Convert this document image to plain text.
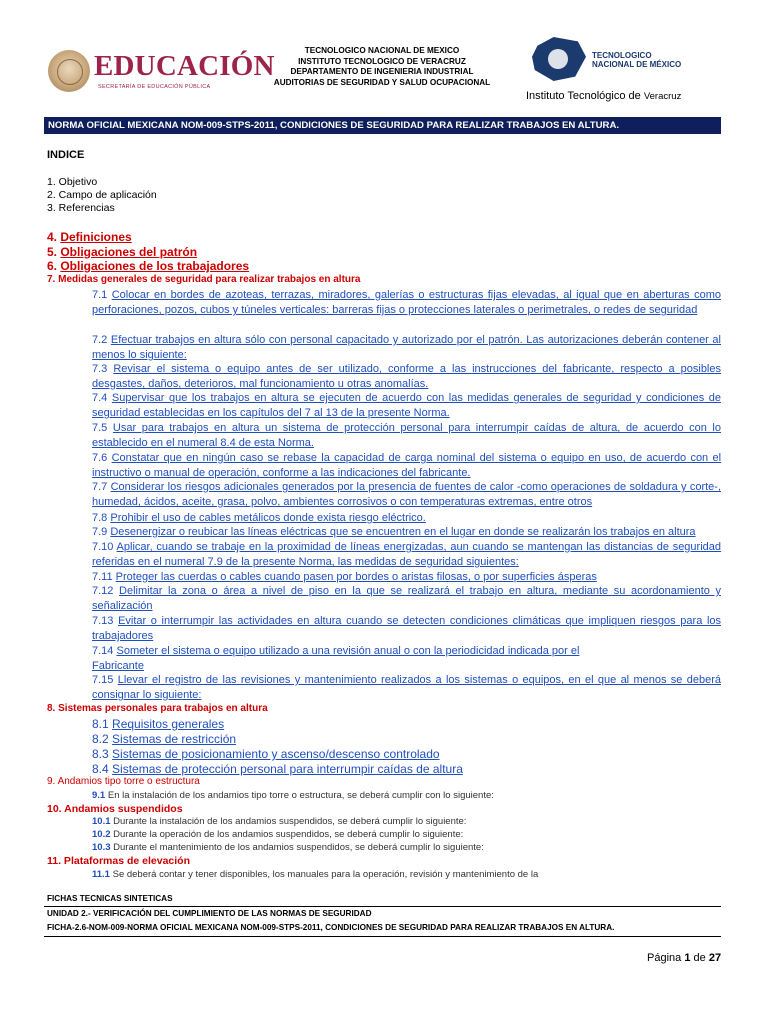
EDUCACIÓN
SECRETARÍA DE EDUCACIÓN PÚBLICA
TECNOLOGICO NACIONAL DE MEXICO
INSTITUTO TECNOLOGICO DE VERACRUZ
DEPARTAMENTO DE INGENIERIA INDUSTRIAL
AUDITORIAS DE SEGURIDAD Y SALUD OCUPACIONAL
TECNOLOGICO
NACIONAL DE MÉXICO
Instituto Tecnológico de Veracruz
NORMA OFICIAL MEXICANA NOM-009-STPS-2011, CONDICIONES DE SEGURIDAD PARA REALIZAR TRABAJOS EN ALTURA.
INDICE
1. Objetivo
2. Campo de aplicación
3. Referencias
4. Definiciones
5. Obligaciones del patrón
6. Obligaciones de los trabajadores
7. Medidas generales de seguridad para realizar trabajos en altura
7.1 Colocar en bordes de azoteas, terrazas, miradores, galerías o estructuras fijas elevadas, al igual que en aberturas como perforaciones, pozos, cubos y túneles verticales: barreras fijas o protecciones laterales o perimetrales, o redes de seguridad
7.2 Efectuar trabajos en altura sólo con personal capacitado y autorizado por el patrón. Las autorizaciones deberán contener al menos lo siguiente:
7.3 Revisar el sistema o equipo antes de ser utilizado, conforme a las instrucciones del fabricante, respecto a posibles desgastes, daños, deterioros, mal funcionamiento u otras anomalías.
7.4 Supervisar que los trabajos en altura se ejecuten de acuerdo con las medidas generales de seguridad y condiciones de seguridad establecidas en los capítulos del 7 al 13 de la presente Norma.
7.5 Usar para trabajos en altura un sistema de protección personal para interrumpir caídas de altura, de acuerdo con lo establecido en el numeral 8.4 de esta Norma.
7.6 Constatar que en ningún caso se rebase la capacidad de carga nominal del sistema o equipo en uso, de acuerdo con el instructivo o manual de operación, conforme a las indicaciones del fabricante.
7.7 Considerar los riesgos adicionales generados por la presencia de fuentes de calor -como operaciones de soldadura y corte-, humedad, ácidos, aceite, grasa, polvo, ambientes corrosivos o con temperaturas extremas, entre otros
7.8 Prohibir el uso de cables metálicos donde exista riesgo eléctrico.
7.9 Desenergizar o reubicar las líneas eléctricas que se encuentren en el lugar en donde se realizarán los trabajos en altura
7.10 Aplicar, cuando se trabaje en la proximidad de líneas energizadas, aun cuando se mantengan las distancias de seguridad referidas en el numeral 7.9 de la presente Norma, las medidas de seguridad siguientes:
7.11 Proteger las cuerdas o cables cuando pasen por bordes o aristas filosas, o por superficies ásperas
7.12 Delimitar la zona o área a nivel de piso en la que se realizará el trabajo en altura, mediante su acordonamiento y señalización
7.13 Evitar o interrumpir las actividades en altura cuando se detecten condiciones climáticas que impliquen riesgos para los trabajadores
7.14 Someter el sistema o equipo utilizado a una revisión anual o con la periodicidad indicada por el Fabricante
7.15 Llevar el registro de las revisiones y mantenimiento realizados a los sistemas o equipos, en el que al menos se deberá consignar lo siguiente:
8. Sistemas personales para trabajos en altura
8.1 Requisitos generales
8.2 Sistemas de restricción
8.3 Sistemas de posicionamiento y ascenso/descenso controlado
8.4 Sistemas de protección personal para interrumpir caídas de altura
9. Andamios tipo torre o estructura
9.1 En la instalación de los andamios tipo torre o estructura, se deberá cumplir con lo siguiente:
10. Andamios suspendidos
10.1 Durante la instalación de los andamios suspendidos, se deberá cumplir lo siguiente:
10.2 Durante la operación de los andamios suspendidos, se deberá cumplir lo siguiente:
10.3 Durante el mantenimiento de los andamios suspendidos, se deberá cumplir lo siguiente:
11. Plataformas de elevación
11.1 Se deberá contar y tener disponibles, los manuales para la operación, revisión y mantenimiento de la
FICHAS TECNICAS SINTETICAS
UNIDAD 2.- VERIFICACIÓN DEL CUMPLIMIENTO DE LAS NORMAS DE SEGURIDAD
FICHA-2.6-NOM-009-NORMA OFICIAL MEXICANA NOM-009-STPS-2011, CONDICIONES DE SEGURIDAD PARA REALIZAR TRABAJOS EN ALTURA.
Página 1 de 27
